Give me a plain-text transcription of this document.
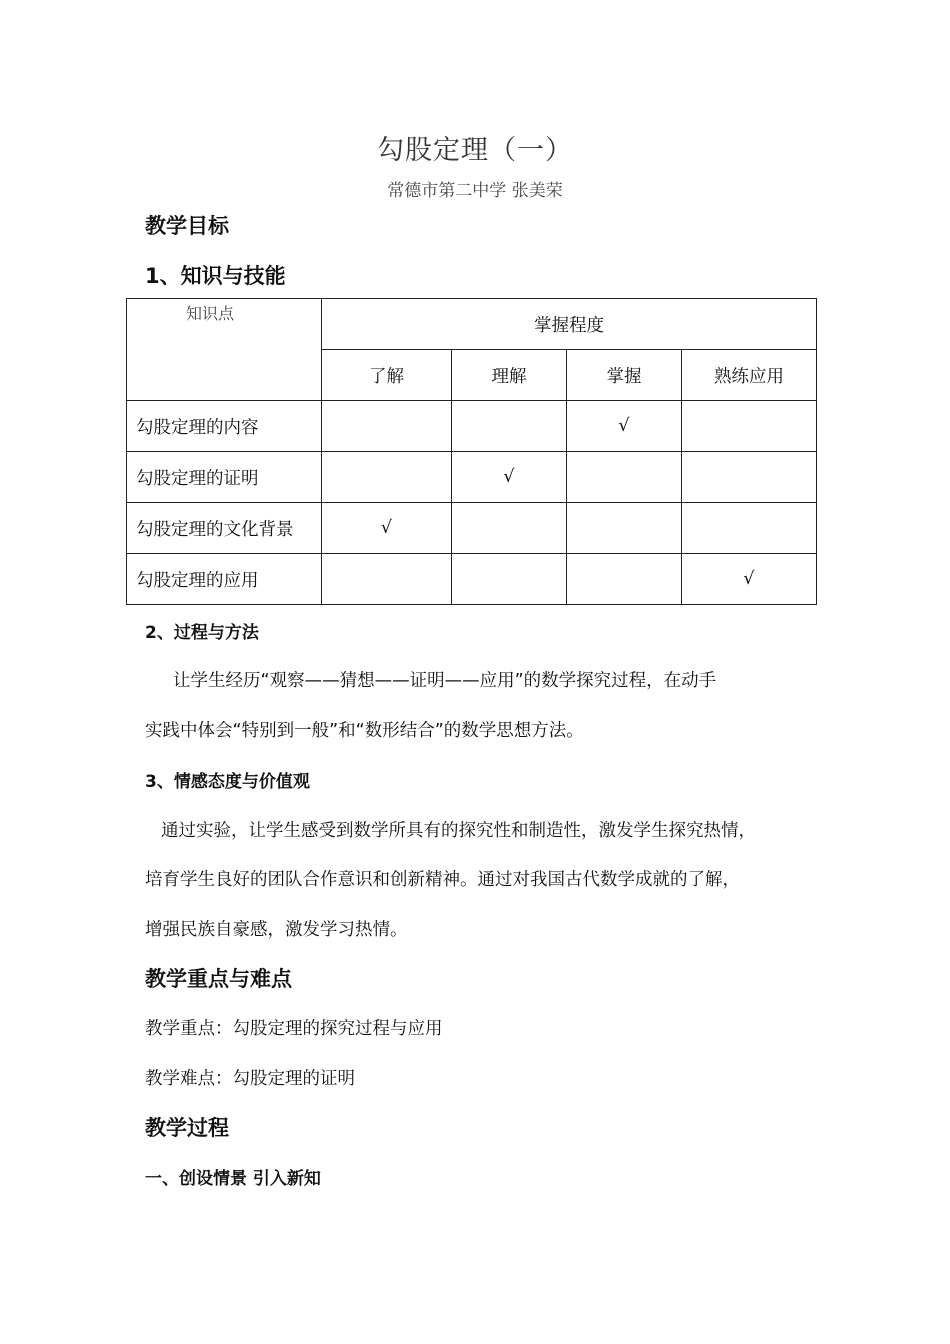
勾股定理（一）
常德市第二中学 张美荣
教学目标
1、知识与技能
知识点	掌握程度			
	了解	理解	掌握	熟练应用
勾股定理的内容			√	
勾股定理的证明		√		
勾股定理的文化背景	√			
勾股定理的应用				√
2、过程与方法
让学生经历“观察——猜想——证明——应用”的数学探究过程，在动手
实践中体会“特别到一般”和“数形结合”的数学思想方法。
3、情感态度与价值观
通过实验，让学生感受到数学所具有的探究性和制造性，激发学生探究热情，
培育学生良好的团队合作意识和创新精神。通过对我国古代数学成就的了解，
增强民族自豪感，激发学习热情。
教学重点与难点
教学重点：勾股定理的探究过程与应用
教学难点：勾股定理的证明
教学过程
一、创设情景 引入新知
